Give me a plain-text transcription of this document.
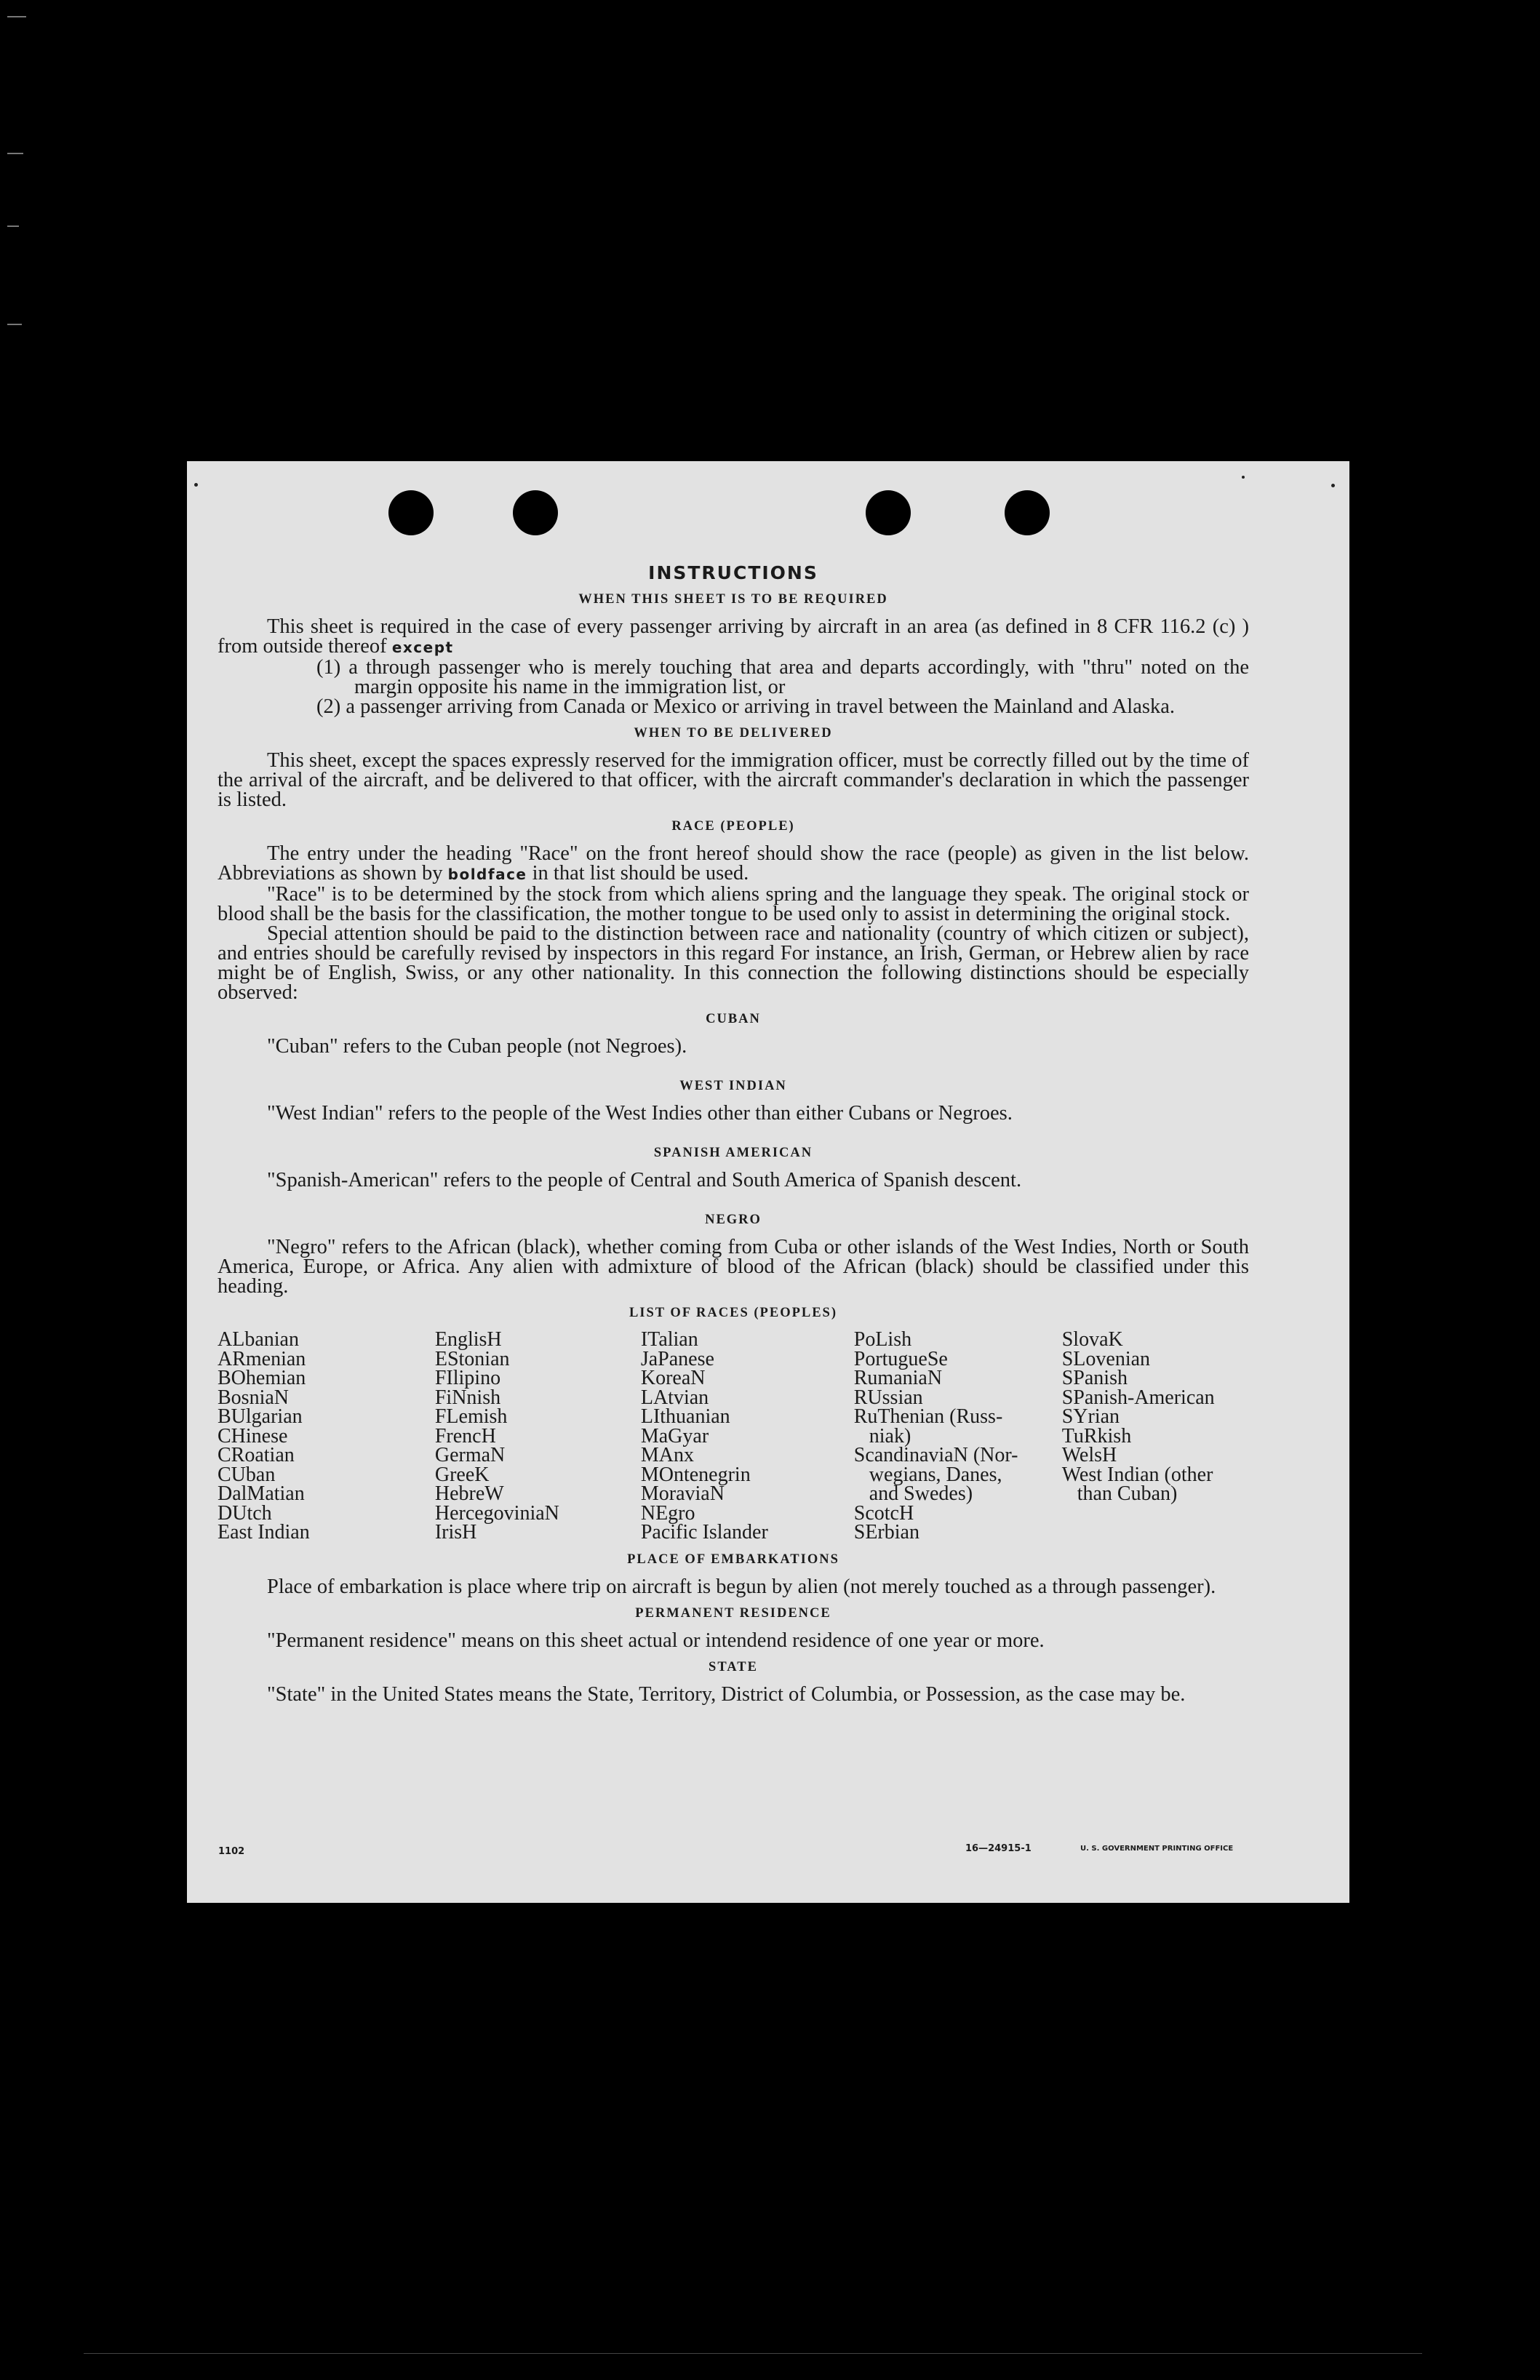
INSTRUCTIONS
WHEN THIS SHEET IS TO BE REQUIRED

This sheet is required in the case of every passenger arriving by aircraft in an area (as defined in 8 CFR 116.2 (c) ) from outside thereof except

(1) a through passenger who is merely touching that area and departs accordingly, with "thru" noted on the margin opposite his name in the immigration list, or

(2) a passenger arriving from Canada or Mexico or arriving in travel between the Mainland and Alaska.

WHEN TO BE DELIVERED

This sheet, except the spaces expressly reserved for the immigration officer, must be correctly filled out by the time of the arrival of the aircraft, and be delivered to that officer, with the aircraft commander's declaration in which the passenger is listed.

RACE (PEOPLE)

The entry under the heading "Race" on the front hereof should show the race (people) as given in the list below. Abbreviations as shown by boldface in that list should be used.

"Race" is to be determined by the stock from which aliens spring and the language they speak. The original stock or blood shall be the basis for the classification, the mother tongue to be used only to assist in determining the original stock.

Special attention should be paid to the distinction between race and nationality (country of which citizen or subject), and entries should be carefully revised by inspectors in this regard For instance, an Irish, German, or Hebrew alien by race might be of English, Swiss, or any other nationality. In this connection the following distinctions should be especially observed:

CUBAN

"Cuban" refers to the Cuban people (not Negroes).

WEST INDIAN

"West Indian" refers to the people of the West Indies other than either Cubans or Negroes.

SPANISH AMERICAN

"Spanish-American" refers to the people of Central and South America of Spanish descent.

NEGRO

"Negro" refers to the African (black), whether coming from Cuba or other islands of the West Indies, North or South America, Europe, or Africa. Any alien with admixture of blood of the African (black) should be classified under this heading.

LIST OF RACES (PEOPLES)
ALbanian
ARmenian
BOhemian
BosniaN
BUlgarian
CHinese
CRoatian
CUban
DalMatian
DUtch
East Indian
EnglisH
EStonian
FIlipino
FiNnish
FLemish
FrencH
GermaN
GreeK
HebreW
HercegoviniaN
IrisH
ITalian
JaPanese
KoreaN
LAtvian
LIthuanian
MaGyar
MAnx
MOntenegrin
MoraviaN
NEgro
Pacific Islander
PoLish
PortugueSe
RumaniaN
RUssian
RuThenian (Russ-
niak)
ScandinaviaN (Nor-
wegians, Danes,
and Swedes)
ScotcH
SErbian
SlovaK
SLovenian
SPanish
SPanish-American
SYrian
TuRkish
WelsH
West Indian (other
than Cuban)
PLACE OF EMBARKATIONS

Place of embarkation is place where trip on aircraft is begun by alien (not merely touched as a through passenger).

PERMANENT RESIDENCE

"Permanent residence" means on this sheet actual or intendend residence of one year or more.

STATE

"State" in the United States means the State, Territory, District of Columbia, or Possession, as the case may be.

1102	16—24915-1	U. S. GOVERNMENT PRINTING OFFICE
